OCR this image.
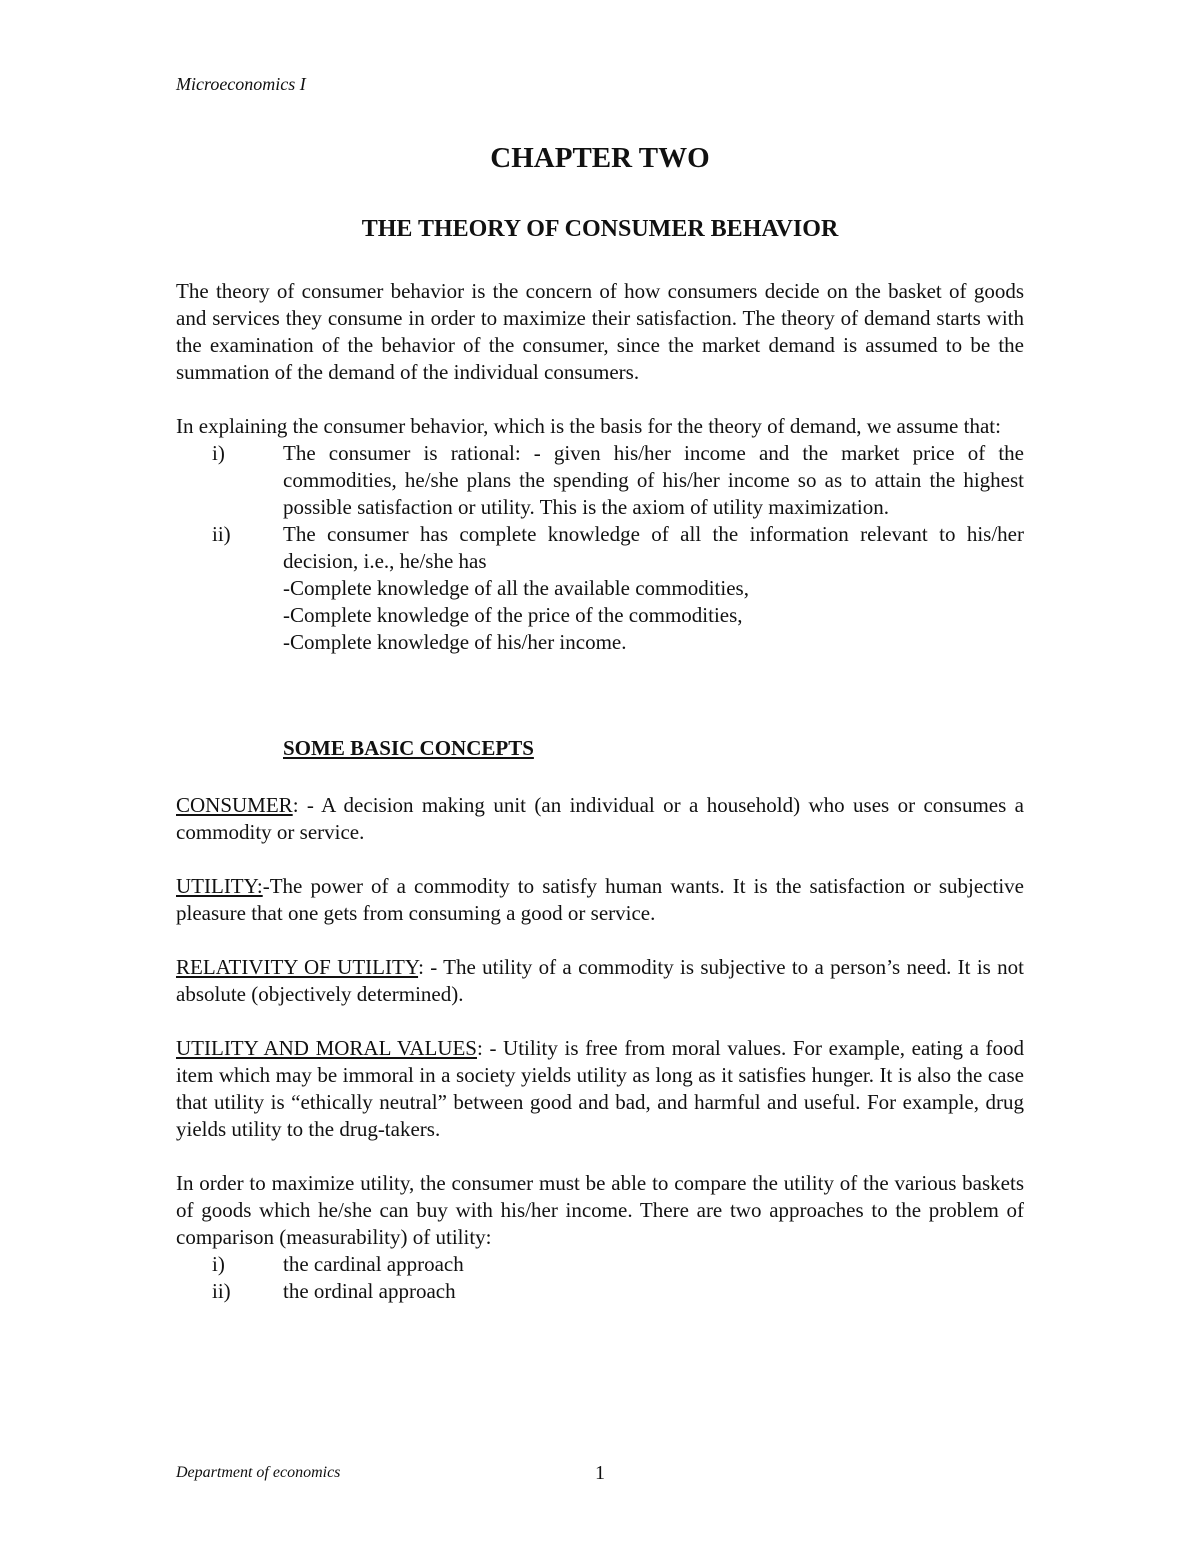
Microeconomics I
CHAPTER TWO
THE THEORY OF CONSUMER BEHAVIOR
The theory of consumer behavior is the concern of how consumers decide on the basket of goods and services they consume in order to maximize their satisfaction. The theory of demand starts with the examination of the behavior of the consumer, since the market demand is assumed to be the summation of the demand of the individual consumers.
In explaining the consumer behavior, which is the basis for the theory of demand, we assume that:
i)	The consumer is rational: - given his/her income and the market price of the commodities, he/she plans the spending of his/her income so as to attain the highest possible satisfaction or utility. This is the axiom of utility maximization.
ii) The consumer has complete knowledge of all the information relevant to his/her decision, i.e., he/she has
-Complete knowledge of all the available commodities,
-Complete knowledge of the price of the commodities,
-Complete knowledge of his/her income.
SOME BASIC CONCEPTS
CONSUMER: - A decision making unit (an individual or a household) who uses or consumes a commodity or service.
UTILITY:-The power of a commodity to satisfy human wants. It is the satisfaction or subjective pleasure that one gets from consuming a good or service.
RELATIVITY OF UTILITY: - The utility of a commodity is subjective to a person’s need. It is not absolute (objectively determined).
UTILITY AND MORAL VALUES: - Utility is free from moral values. For example, eating a food item which may be immoral in a society yields utility as long as it satisfies hunger. It is also the case that utility is “ethically neutral” between good and bad, and harmful and useful. For example, drug yields utility to the drug-takers.
In order to maximize utility, the consumer must be able to compare the utility of the various baskets of goods which he/she can buy with his/her income. There are two approaches to the problem of comparison (measurability) of utility:
i)	the cardinal approach
ii) the ordinal approach
Department of economics	1
